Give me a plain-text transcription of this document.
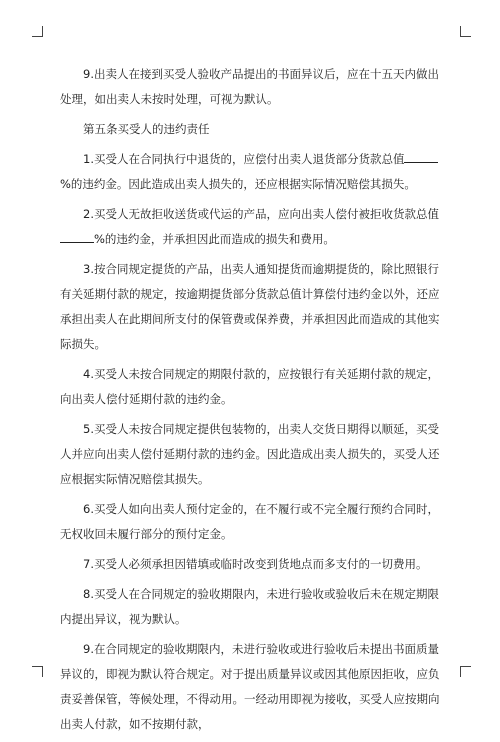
9.出卖人在接到买受人验收产品提出的书面异议后，应在十五天内做出处理，如出卖人未按时处理，可视为默认。

第五条买受人的违约责任

1.买受人在合同执行中退货的，应偿付出卖人退货部分货款总值%的违约金。因此造成出卖人损失的，还应根据实际情况赔偿其损失。

2.买受人无故拒收送货或代运的产品，应向出卖人偿付被拒收货款总值%的违约金，并承担因此而造成的损失和费用。

3.按合同规定提货的产品，出卖人通知提货而逾期提货的，除比照银行有关延期付款的规定，按逾期提货部分货款总值计算偿付违约金以外，还应承担出卖人在此期间所支付的保管费或保养费，并承担因此而造成的其他实际损失。

4.买受人未按合同规定的期限付款的，应按银行有关延期付款的规定，向出卖人偿付延期付款的违约金。

5.买受人未按合同规定提供包装物的，出卖人交货日期得以顺延，买受人并应向出卖人偿付延期付款的违约金。因此造成出卖人损失的，买受人还应根据实际情况赔偿其损失。

6.买受人如向出卖人预付定金的，在不履行或不完全履行预约合同时，无权收回未履行部分的预付定金。

7.买受人必须承担因错填或临时改变到货地点而多支付的一切费用。

8.买受人在合同规定的验收期限内，未进行验收或验收后未在规定期限内提出异议，视为默认。

9.在合同规定的验收期限内，未进行验收或进行验收后未提出书面质量异议的，即视为默认符合规定。对于提出质量异议或因其他原因拒收，应负责妥善保管，等候处理，不得动用。一经动用即视为接收，买受人应按期向出卖人付款，如不按期付款，
